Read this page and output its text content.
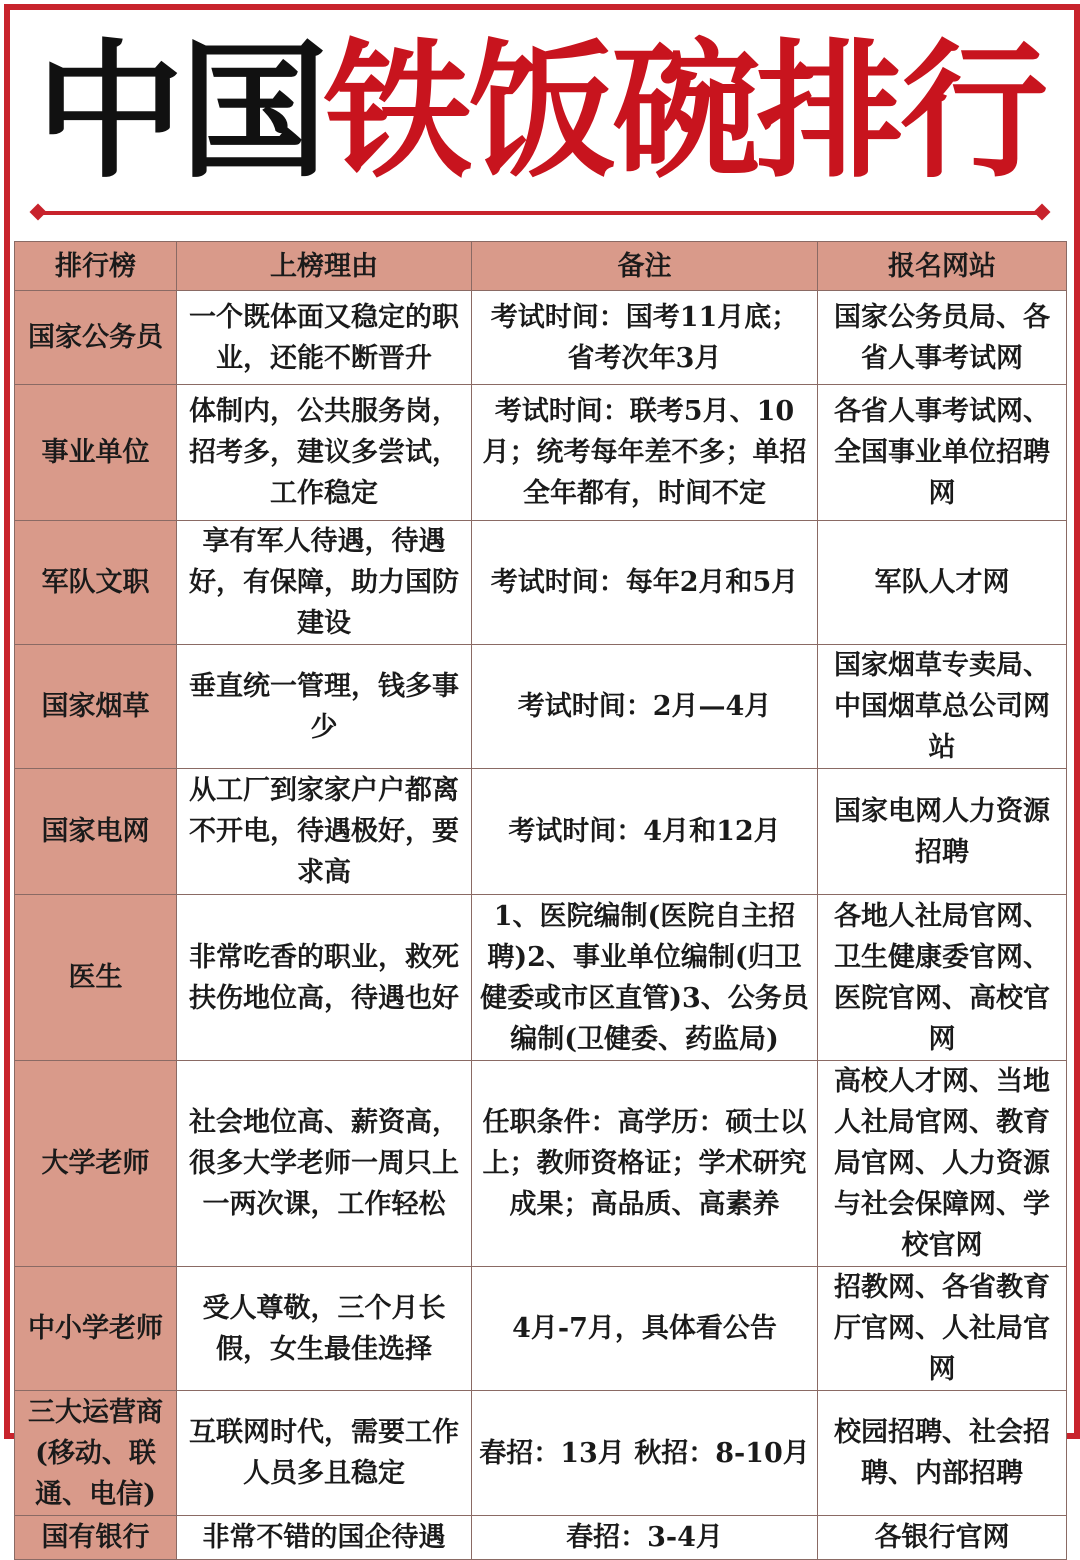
中国铁饭碗排行
排行榜	上榜理由	备注	报名网站
国家公务员	一个既体面又稳定的职业，还能不断晋升	考试时间：国考11月底；省考次年3月	国家公务员局、各省人事考试网
事业单位	体制内，公共服务岗，招考多，建议多尝试，工作稳定	考试时间：联考5月、10月；统考每年差不多；单招全年都有，时间不定	各省人事考试网、全国事业单位招聘网
军队文职	享有军人待遇，待遇好，有保障，助力国防建设	考试时间：每年2月和5月	军队人才网
国家烟草	垂直统一管理，钱多事少	考试时间：2月—4月	国家烟草专卖局、中国烟草总公司网站
国家电网	从工厂到家家户户都离不开电，待遇极好，要求高	考试时间：4月和12月	国家电网人力资源招聘
医生	非常吃香的职业，救死扶伤地位高，待遇也好	1、医院编制(医院自主招聘)2、事业单位编制(归卫健委或市区直管)3、公务员编制(卫健委、药监局)	各地人社局官网、卫生健康委官网、医院官网、高校官网
大学老师	社会地位高、薪资高，很多大学老师一周只上一两次课，工作轻松	任职条件：高学历：硕士以上；教师资格证；学术研究成果；高品质、高素养	高校人才网、当地人社局官网、教育局官网、人力资源与社会保障网、学校官网
中小学老师	受人尊敬，三个月长假，女生最佳选择	4月-7月，具体看公告	招教网、各省教育厅官网、人社局官网
三大运营商(移动、联通、电信)	互联网时代，需要工作人员多且稳定	春招：13月 秋招：8-10月	校园招聘、社会招聘、内部招聘
国有银行	非常不错的国企待遇	春招：3-4月	各银行官网
